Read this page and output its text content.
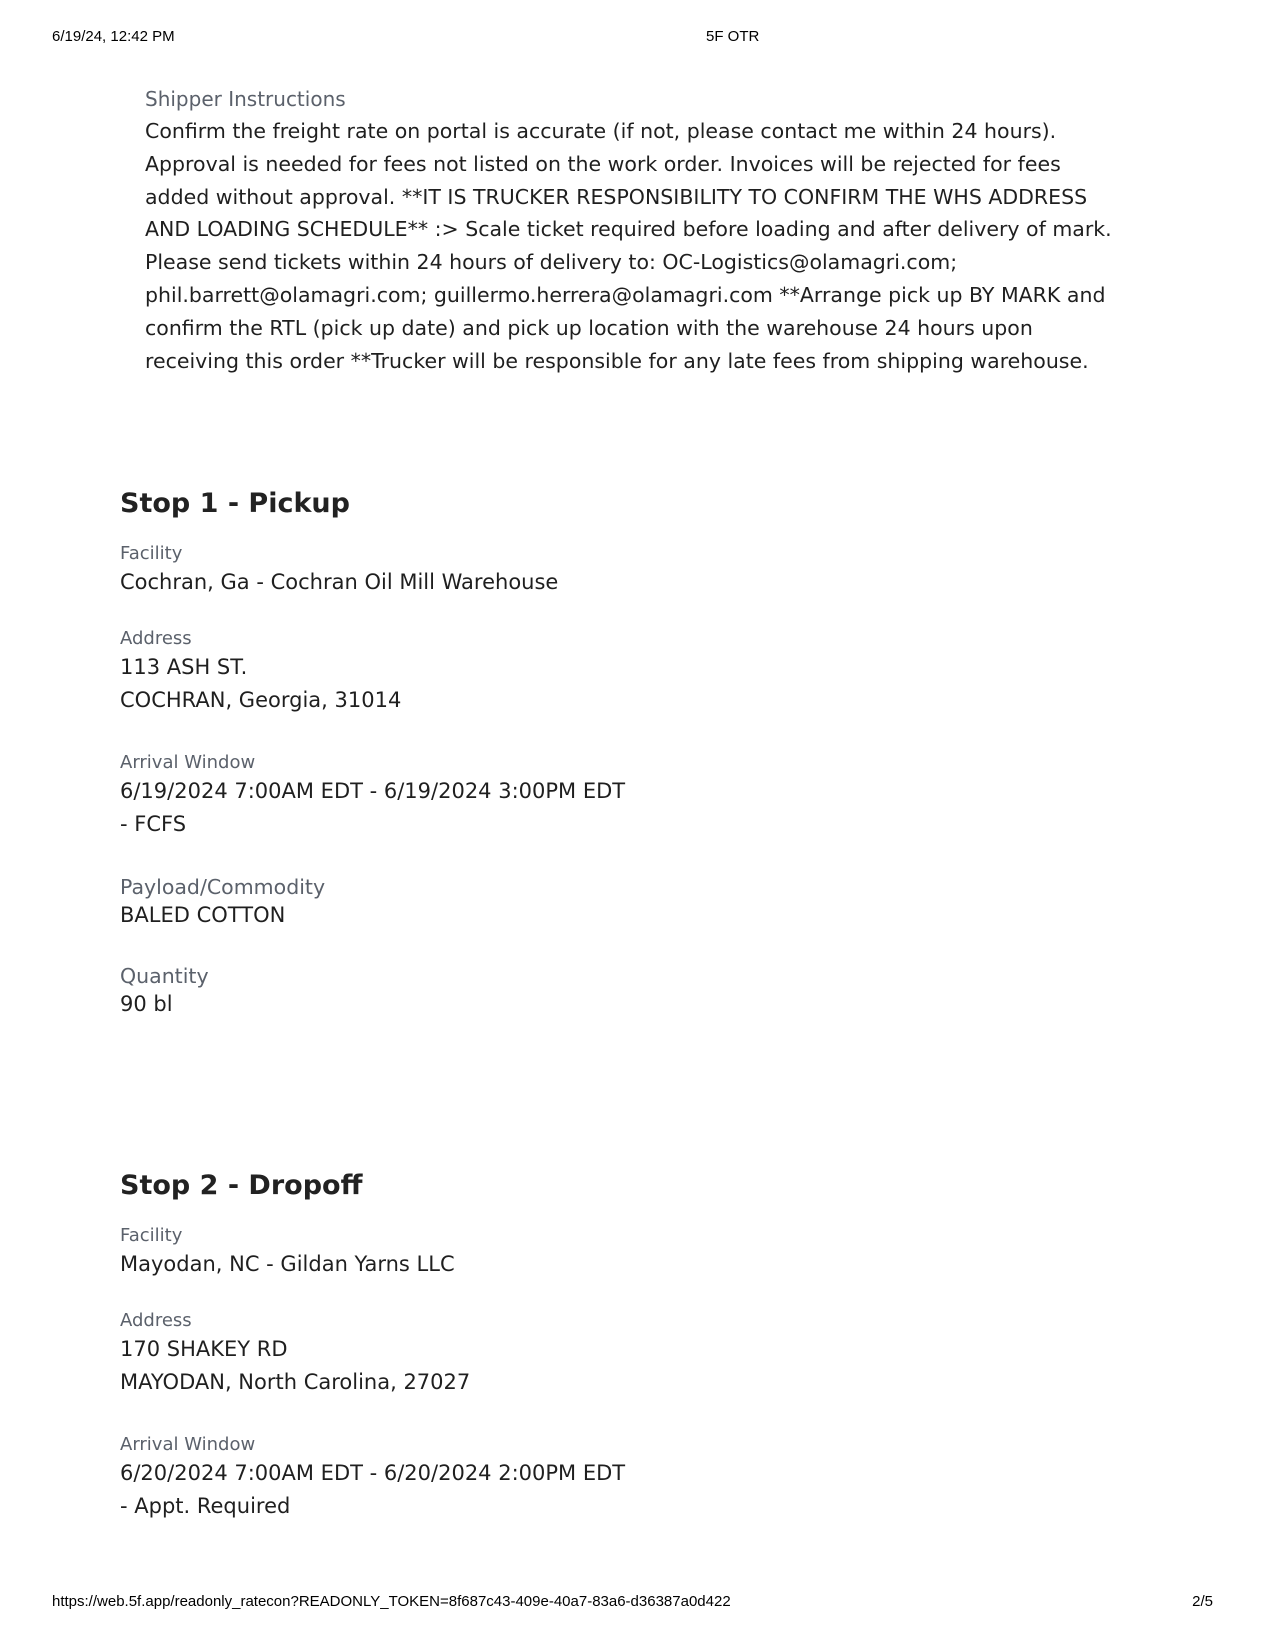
6/19/24, 12:42 PM	5F OTR
Shipper Instructions
Confirm the freight rate on portal is accurate (if not, please contact me within 24 hours).
Approval is needed for fees not listed on the work order. Invoices will be rejected for fees
added without approval. **IT IS TRUCKER RESPONSIBILITY TO CONFIRM THE WHS ADDRESS
AND LOADING SCHEDULE** :> Scale ticket required before loading and after delivery of mark.
Please send tickets within 24 hours of delivery to: OC-Logistics@olamagri.com;
phil.barrett@olamagri.com; guillermo.herrera@olamagri.com **Arrange pick up BY MARK and
confirm the RTL (pick up date) and pick up location with the warehouse 24 hours upon
receiving this order **Trucker will be responsible for any late fees from shipping warehouse.
Stop 1 - Pickup
Facility
Cochran, Ga - Cochran Oil Mill Warehouse
Address
113 ASH ST.
COCHRAN, Georgia, 31014
Arrival Window
6/19/2024 7:00AM EDT - 6/19/2024 3:00PM EDT
- FCFS
Payload/Commodity
BALED COTTON
Quantity
90 bl
Stop 2 - Dropoff
Facility
Mayodan, NC - Gildan Yarns LLC
Address
170 SHAKEY RD
MAYODAN, North Carolina, 27027
Arrival Window
6/20/2024 7:00AM EDT - 6/20/2024 2:00PM EDT
- Appt. Required
https://web.5f.app/readonly_ratecon?READONLY_TOKEN=8f687c43-409e-40a7-83a6-d36387a0d422	2/5
